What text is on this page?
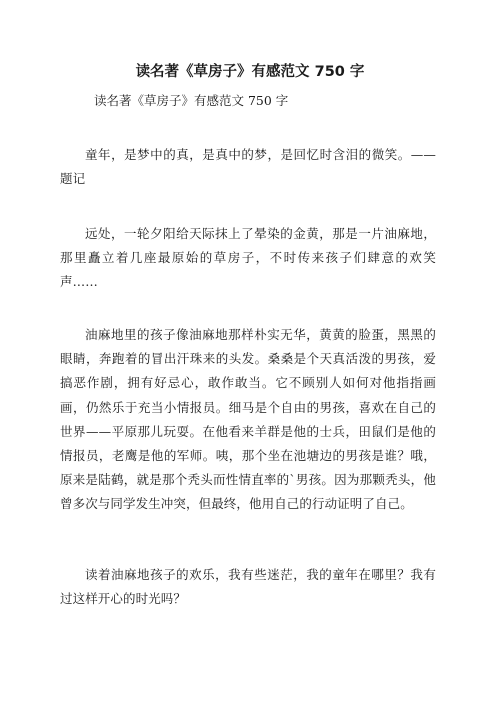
读名著《草房子》有感范文 750 字

读名著《草房子》有感范文 750 字

童年，是梦中的真，是真中的梦，是回忆时含泪的微笑。——题记

远处，一轮夕阳给天际抹上了晕染的金黄，那是一片油麻地，那里矗立着几座最原始的草房子，不时传来孩子们肆意的欢笑声……

油麻地里的孩子像油麻地那样朴实无华，黄黄的脸蛋，黑黑的眼睛，奔跑着的冒出汗珠来的头发。桑桑是个天真活泼的男孩，爱搞恶作剧，拥有好忌心，敢作敢当。它不顾别人如何对他指指画画，仍然乐于充当小情报员。细马是个自由的男孩，喜欢在自己的世界——平原那儿玩耍。在他看来羊群是他的士兵，田鼠们是他的情报员，老鹰是他的军师。咦，那个坐在池塘边的男孩是谁？哦，原来是陆鹤，就是那个秃头而性情直率的`男孩。因为那颗秃头，他曾多次与同学发生冲突，但最终，他用自己的行动证明了自己。

读着油麻地孩子的欢乐，我有些迷茫，我的童年在哪里？我有过这样开心的时光吗？
